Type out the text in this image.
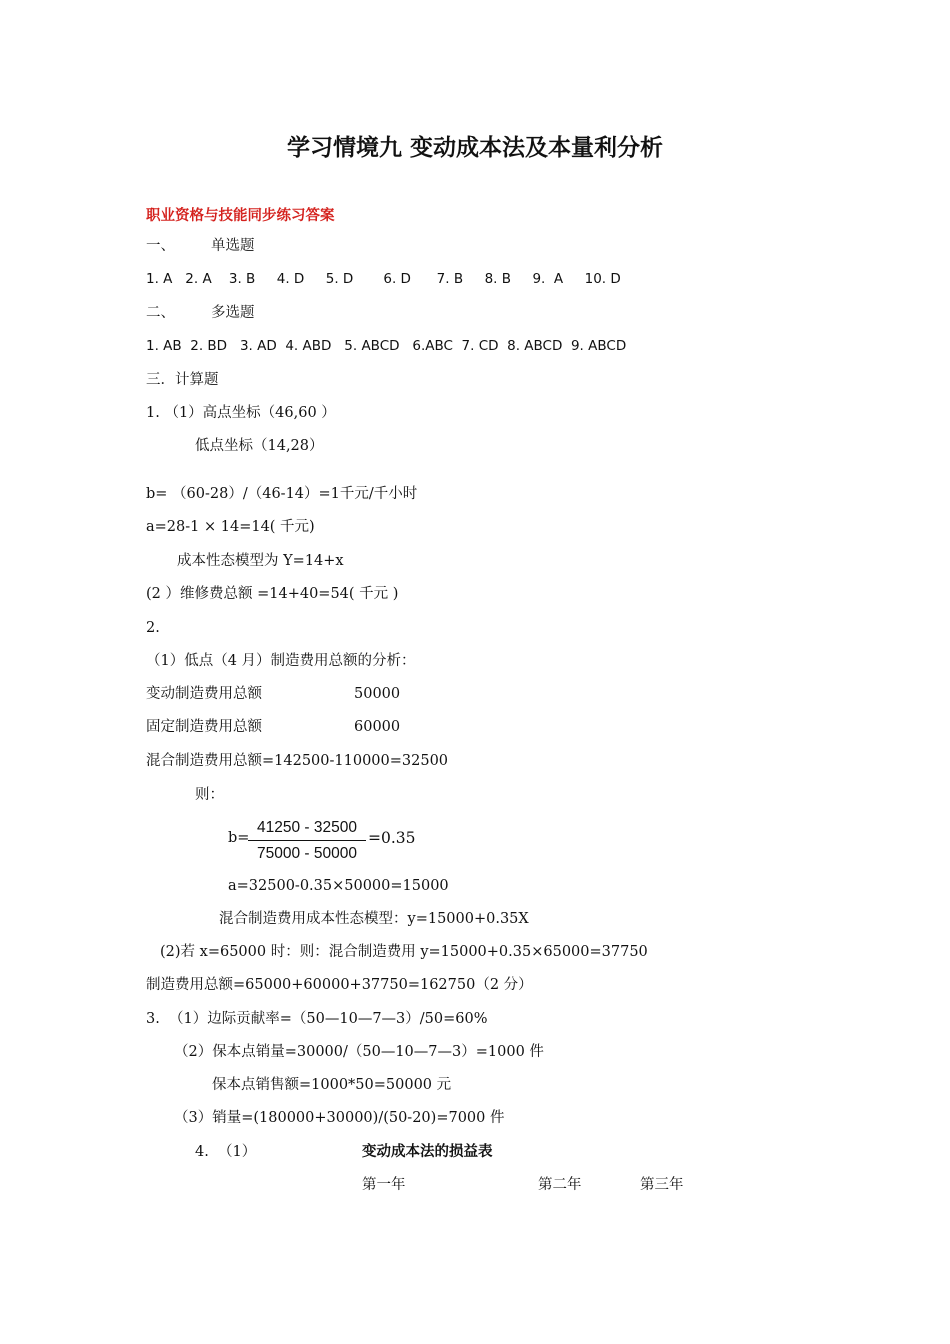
学习情境九 变动成本法及本量利分析
职业资格与技能同步练习答案
一、 单选题
1. A   2. A    3. B     4. D     5. D       6. D      7. B     8. B     9.  A     10. D
二、 多选题
1. AB  2. BD   3. AD  4. ABD   5. ABCD   6.ABC  7. CD  8. ABCD  9. ABCD
三．计算题
1. （1）高点坐标（46,60 ）
低点坐标（14,28）
b= （60-28）/（46-14）=1千元/千小时
a=28-1 × 14=14( 千元)
成本性态模型为 Y=14+x
(2 ）维修费总额 =14+40=54( 千元 )
2.
（1）低点（4 月）制造费用总额的分析：
变动制造费用总额	50000
固定制造费用总额	60000
混合制造费用总额=142500-110000=32500
则：
b=
41250 - 32500
75000 - 50000
=0.35
a=32500-0.35×50000=15000
混合制造费用成本性态模型：y=15000+0.35X
(2)若 x=65000 时：则：混合制造费用 y=15000+0.35×65000=37750
制造费用总额=65000+60000+37750=162750（2 分）
3.  （1）边际贡献率=（50—10—7—3）/50=60%
（2）保本点销量=30000/（50—10—7—3）=1000 件
保本点销售额=1000*50=50000 元
（3）销量=(180000+30000)/(50-20)=7000 件
4.  （1）	变动成本法的损益表
第一年	第二年	第三年
